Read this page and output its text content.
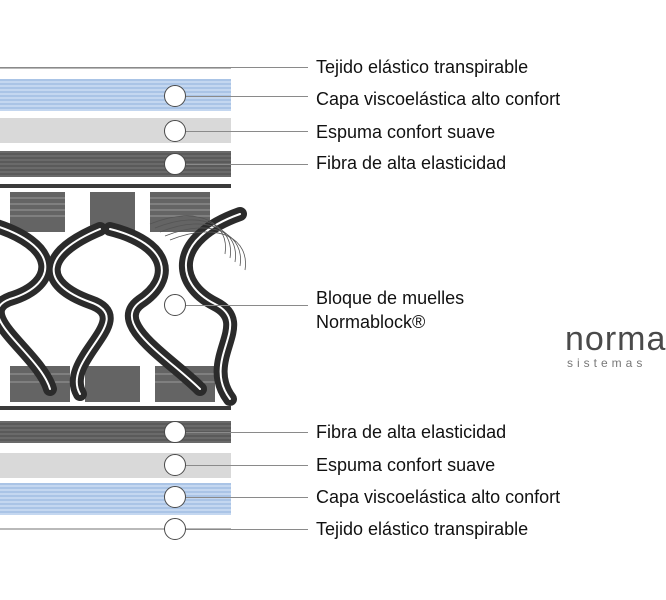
Tejido elástico transpirable
Capa viscoelástica alto confort
Espuma confort suave
Fibra de alta elasticidad
Bloque de muelles
Normablock®
Fibra de alta elasticidad
Espuma confort suave
Capa viscoelástica alto confort
Tejido elástico transpirable
norma
sistemas
